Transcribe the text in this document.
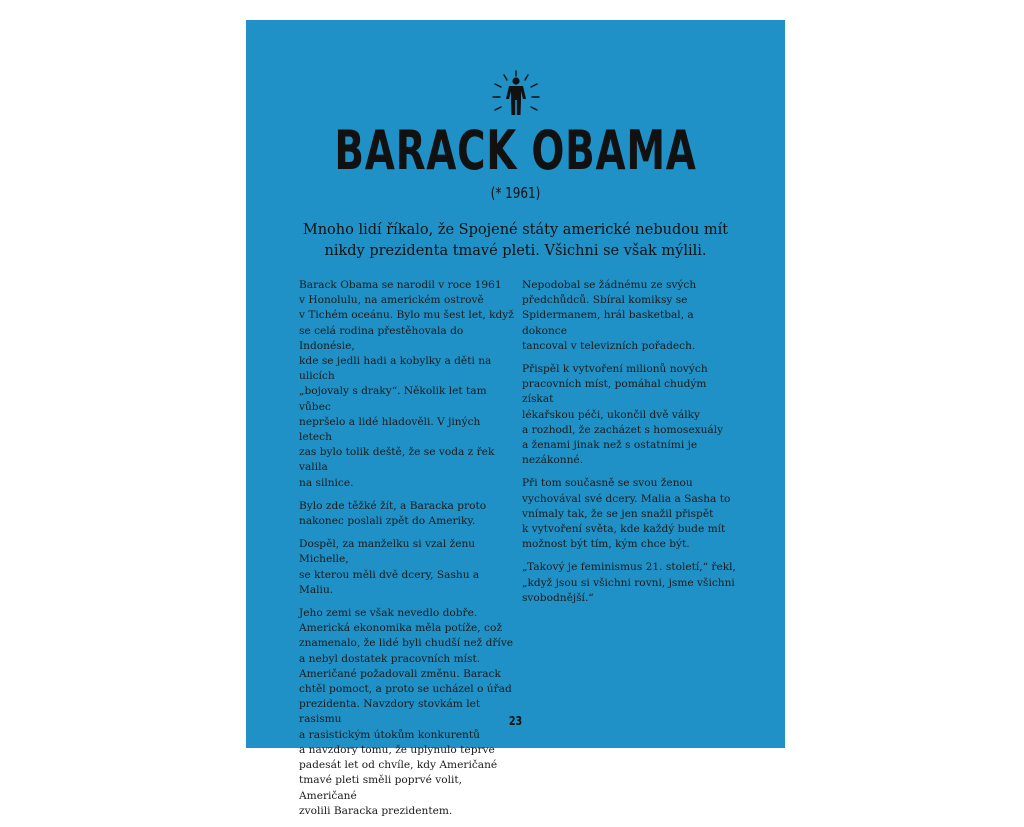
BARACK OBAMA
(* 1961)
Mnoho lidí říkalo, že Spojené státy americké nebudou mít nikdy prezidenta tmavé pleti. Všichni se však mýlili.

Barack Obama se narodil v roce 1961
v Honolulu, na americkém ostrově
v Tichém oceánu. Bylo mu šest let, když
se celá rodina přestěhovala do Indonésie,
kde se jedli hadi a kobylky a děti na ulicích
„bojovaly s draky“. Několik let tam vůbec
nepršelo a lidé hladověli. V jiných letech
zas bylo tolik deště, že se voda z řek valila
na silnice.

Bylo zde těžké žít, a Baracka proto
nakonec poslali zpět do Ameriky.

Dospěl, za manželku si vzal ženu Michelle,
se kterou měli dvě dcery, Sashu a Maliu.

Jeho zemi se však nevedlo dobře.
Americká ekonomika měla potíže, což
znamenalo, že lidé byli chudší než dříve
a nebyl dostatek pracovních míst.
Američané požadovali změnu. Barack
chtěl pomoct, a proto se ucházel o úřad
prezidenta. Navzdory stovkám let rasismu
a rasistickým útokům konkurentů
a navzdory tomu, že uplynulo teprve
padesát let od chvíle, kdy Američané
tmavé pleti směli poprvé volit, Američané
zvolili Baracka prezidentem.

Nepodobal se žádnému ze svých
předchůdců. Sbíral komiksy se
Spidermanem, hrál basketbal, a dokonce
tancoval v televizních pořadech.

Přispěl k vytvoření milionů nových
pracovních míst, pomáhal chudým získat
lékařskou péči, ukončil dvě války
a rozhodl, že zacházet s homosexuály
a ženami jinak než s ostatními je
nezákonné.

Při tom současně se svou ženou
vychovával své dcery. Malia a Sasha to
vnímaly tak, že se jen snažil přispět
k vytvoření světa, kde každý bude mít
možnost být tím, kým chce být.

„Takový je feminismus 21. století,“ řekl,
„když jsou si všichni rovni, jsme všichni
svobodnější.“

23
